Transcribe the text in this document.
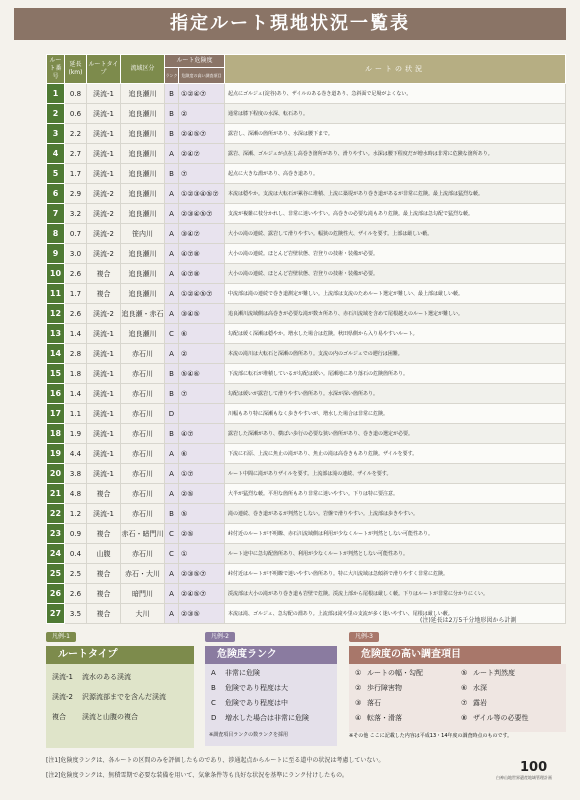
指定ルート現地状況一覧表
ルート番号	延長(km)	ルートタイプ	流域区分	ルート危険度		ルートの状況
				ランク	危険度の高い調査項目	
1	0.8	渓流-1	追良瀬川	B	①②④⑦	起点にゴルジュ(淀谷)あり、ザイルのある巻き道あり、急斜面で足場がよくない。
2	0.6	渓流-1	追良瀬川	B	②	通常は膝下程度の水深、転石あり。
3	2.2	渓流-1	追良瀬川	B	②④⑤⑦	露岩し、深瀬の箇所があり、水深は腰下まで。
4	2.7	渓流-1	追良瀬川	A	②④⑦	露岩、深瀬、ゴルジュが点在し高巻き箇所があり、滑りやすい。水深は腰下程度だが増水時は非常に危険な箇所あり。
5	1.7	渓流-1	追良瀬川	B	⑦	起点に大きな淵があり、高巻き道あり。
6	2.9	渓流-2	追良瀬川	A	①②③④⑤⑦	本流は穏やか。支流は大転石が累谷に堆積、上流に築堤があり巻き道があるが非常に危険。最上流部は猛烈な藪。
7	3.2	渓流-2	追良瀬川	A	②③④⑤⑦	支流が複雑に枝分かれし、非常に迷いやすい。高巻きの必要な滝もあり危険。最上流部は急勾配で猛烈な藪。
8	0.7	渓流-2	笹内川	A	③④⑦	大小の滝の連続、露岩して滑りやすい。幅狭の危険性大、ザイルを要す。上部は厳しい藪。
9	3.0	渓流-2	追良瀬川	A	④⑦⑧	大小の滝の連続。ほとんど岩壁状態、岩登りの技術・装備が必要。
10	2.6	複合	追良瀬川	A	④⑦⑧	大小の滝の連続、ほとんど岩壁状態、岩登りの技術・装備が必要。
11	1.7	複合	追良瀬川	A	①②④⑤⑦	中流部は滝の連続で巻き道測定が難しい。上流部は支流のためルート選定が難しい、最上部は厳しい藪。
12	2.6	渓流-2	追良瀬・赤石	A	③④⑤	追良瀬川流域側は高巻きが必要な滝が数カ所あり、赤石川流域を含めて尾根越えのルート選定が難しい。
13	1.4	渓流-1	追良瀬川	C	⑥	勾配は緩く深瀬は穏やか。増水した場合は危険。秋田県側から入り易やすいルート。
14	2.8	渓流-1	赤石川	A	②	本流の滝川は大転石と深瀬の箇所あり。支流の内のゴルジュでの遡行は困難。
15	1.8	渓流-1	赤石川	B	⑤④⑥	下流部に転石が堆積しているが勾配は緩い。尾瀬地にあり落石の危険箇所あり。
16	1.4	渓流-1	赤石川	B	⑦	勾配は緩いが露岩して滑りやすい箇所あり。水深が深い箇所あり。
17	1.1	渓流-1	赤石川	D		川幅もあり特に深瀬もなく歩きやすいが、増水した場合は非常に危険。
18	1.9	渓流-1	赤石川	B	④⑦	露岩した深瀬があり、横ばい歩行の必要な狭い箇所があり、巻き道の選定が必要。
19	4.4	渓流-1	赤石川	A	⑥	下流に石原、上流に魚止の滝があり、魚止の滝は高巻きもあり危険。ザイルを要す。
20	3.8	渓流-1	赤石川	A	①⑦	ルート中間に滝がありザイルを要す。上流部は滝の連続、ザイルを要す。
21	4.8	複合	赤石川	A	②⑤	大半が猛烈な藪。平坦な箇所もあり非常に迷いやすい。下りは特に要注意。
22	1.2	渓流-1	赤石川	B	⑤	滝の連続、巻き道があるが判然としない。岩盤で滑りやすい。上流部は歩きやすい。
23	0.9	複合	赤石・暗門川	C	②⑤	峠付近のルートが不明瞭、赤石川流域側は利用が少なくルートが判然としない可能性あり。
24	0.4	山腹	赤石川	C	①	ルート途中に急勾配箇所あり、利用が少なくルートが判然としない可能性あり。
25	2.5	複合	赤石・大川	A	②③⑤⑦	峠付近はルートが不明瞭で迷いやすい箇所あり。特に大川流域は急傾斜で滑りやすく非常に危険。
26	2.6	複合	暗門川	A	②④⑤⑦	渓流部は大小の滝があり巻き道も岩壁で危険。渓流上部から尾根は厳しく藪。下りはルートが非常に分かりにくい。
27	3.5	複合	大川	A	②③⑤	本流は滝、ゴルジュ、急勾配の淵あり。上流部は滝や里の支流が多く迷いやすい、尾根は厳しい藪。
(注)延長は2万5千分地形図から計測
凡例-1
ルートタイプ
渓流-1 流水のある渓流
渓流-2 沢源流部までを含んだ渓流
複合 渓流と山腹の複合
凡例-2
危険度ランク
A 非常に危険
B 危険であり程度は大
C 危険であり程度は中
D 増水した場合は非常に危険
※調査項目ランクの数ランクを採用
凡例-3
危険度の高い調査項目
① ルートの幅・勾配	⑤ ルート判然度
② 歩行障害物	⑥ 水深
③ 落石	⑦ 露岩
④ 転落・滑落	⑧ ザイル等の必要性
※その他 ここに記載した内容は平成13・14年度の調査時点のものです。
[注1]危険度ランクは、各ルートの区間のみを評価したものであり、渉通起点からルートに至る道中の状況は考慮していない。
[注2]危険度ランクは、無積雪期で必要な装備を用いて、気象条件等も良好な状況を基準にランク付けしたもの。
100
白神山地世界遺産地域管理計画
